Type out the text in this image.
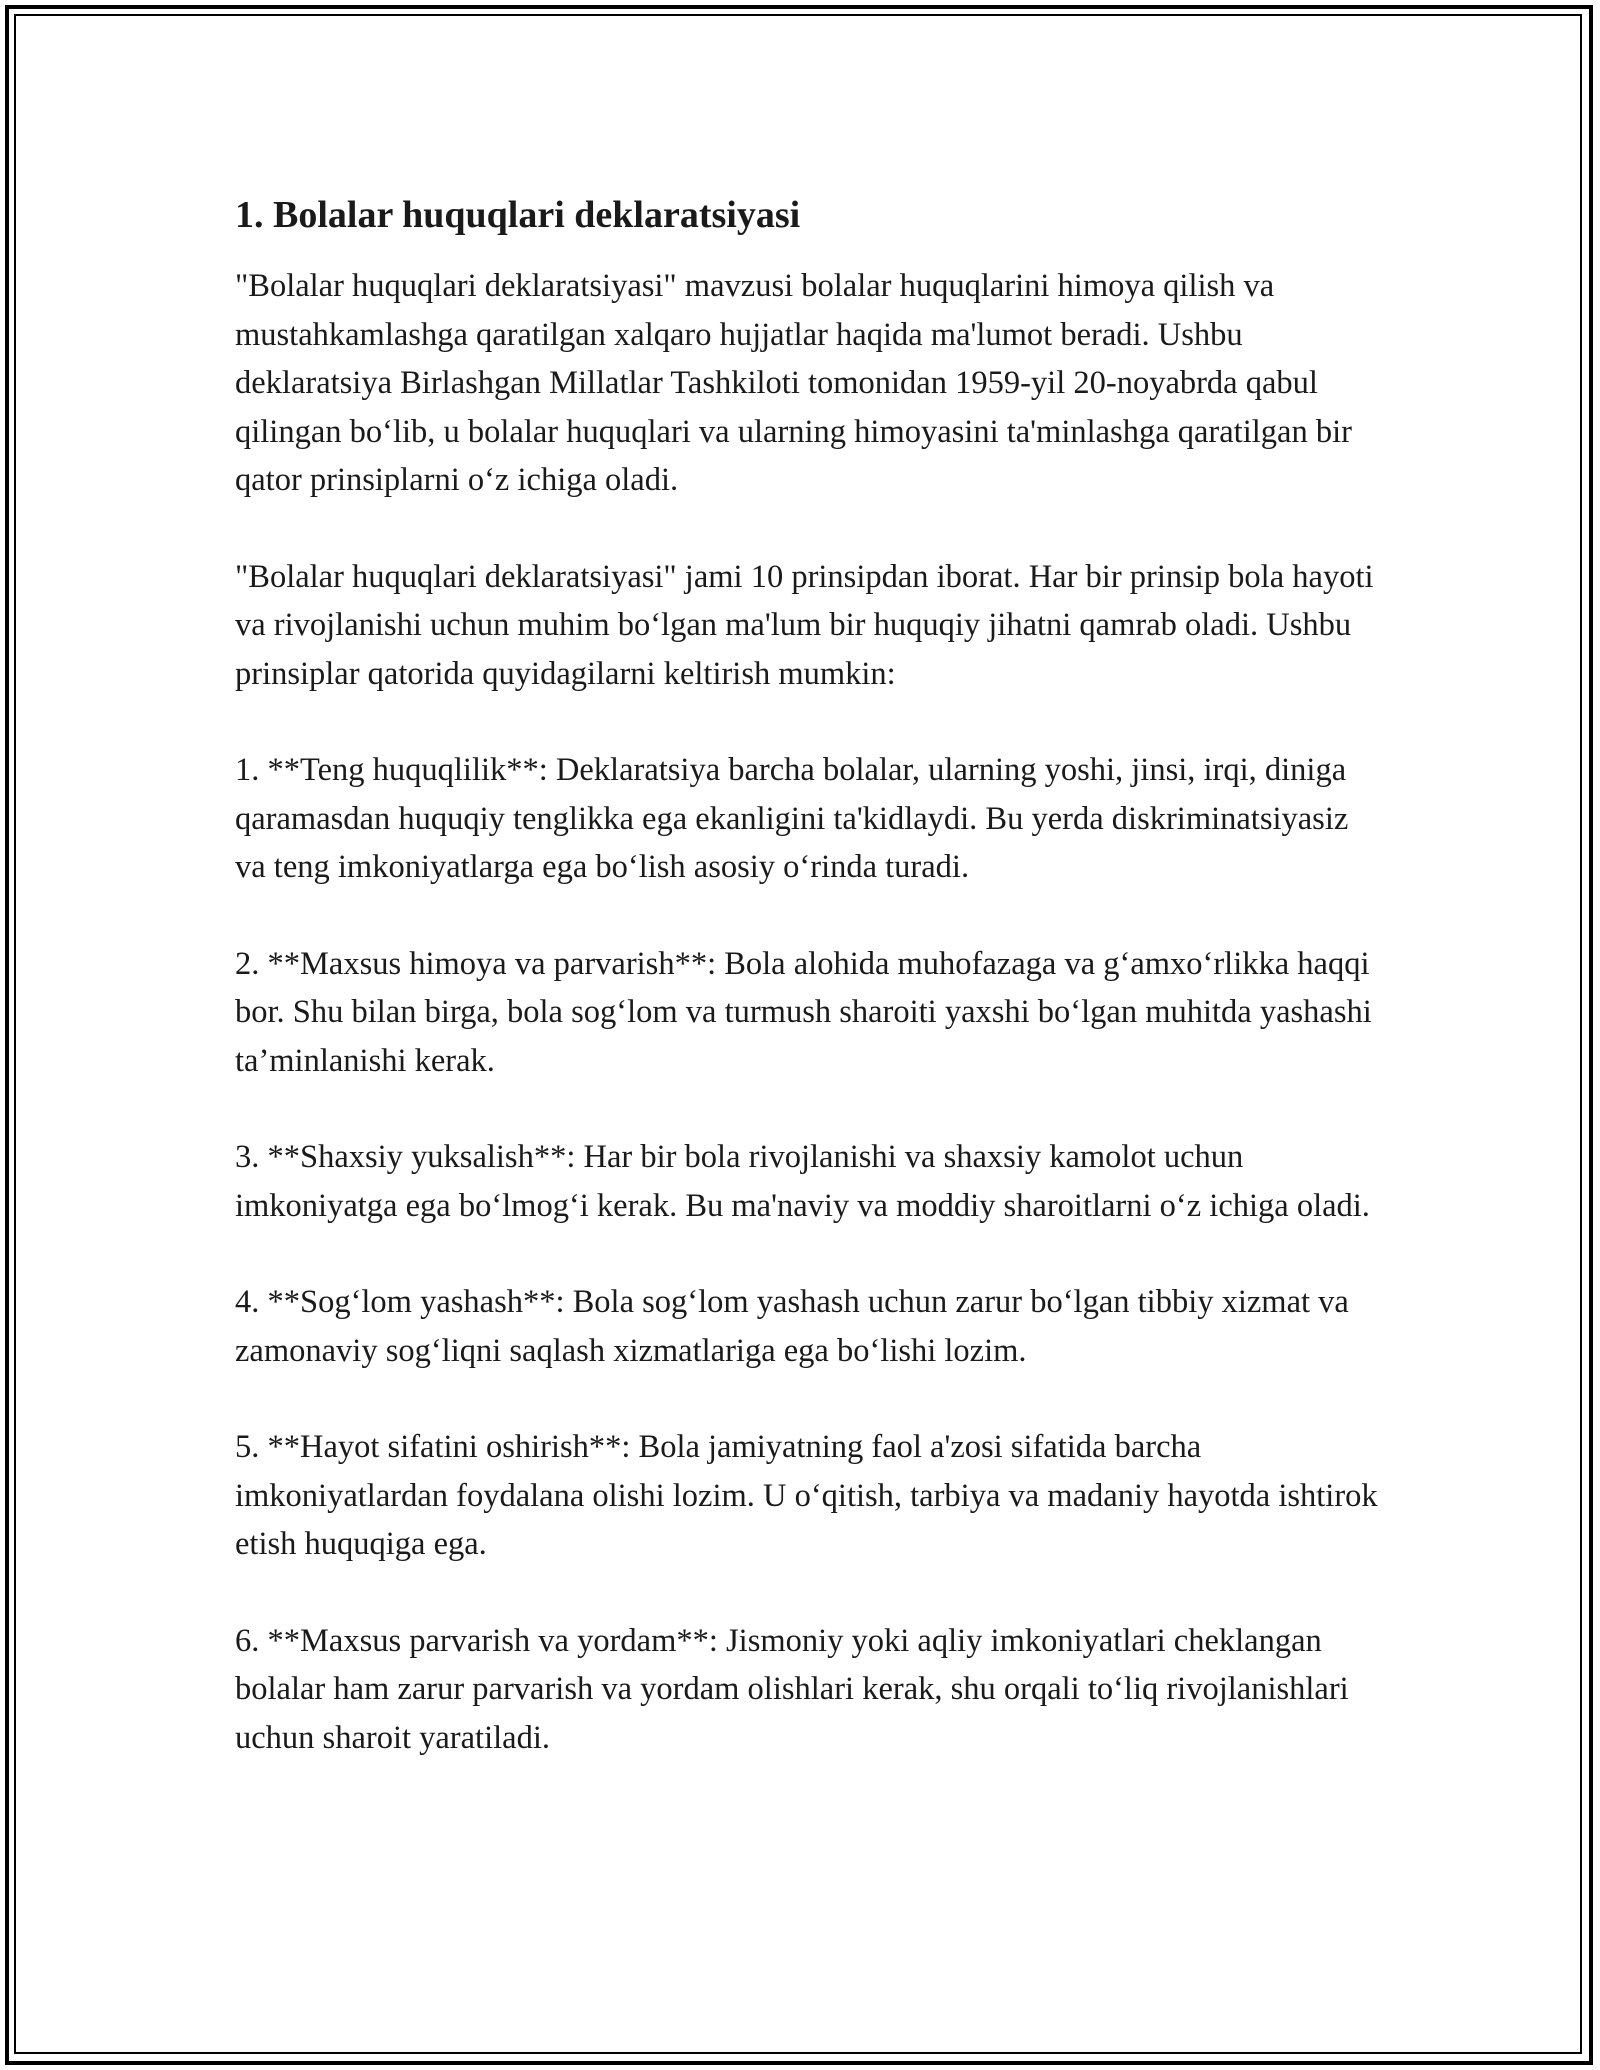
1. Bolalar huquqlari deklaratsiyasi

"Bolalar huquqlari deklaratsiyasi" mavzusi bolalar huquqlarini himoya qilish va mustahkamlashga qaratilgan xalqaro hujjatlar haqida ma'lumot beradi. Ushbu deklaratsiya Birlashgan Millatlar Tashkiloti tomonidan 1959-yil 20-noyabrda qabul qilingan bo‘lib, u bolalar huquqlari va ularning himoyasini ta'minlashga qaratilgan bir qator prinsiplarni o‘z ichiga oladi.

"Bolalar huquqlari deklaratsiyasi" jami 10 prinsipdan iborat. Har bir prinsip bola hayoti va rivojlanishi uchun muhim bo‘lgan ma'lum bir huquqiy jihatni qamrab oladi. Ushbu prinsiplar qatorida quyidagilarni keltirish mumkin:

1. **Teng huquqlilik**: Deklaratsiya barcha bolalar, ularning yoshi, jinsi, irqi, diniga qaramasdan huquqiy tenglikka ega ekanligini ta'kidlaydi. Bu yerda diskriminatsiyasiz va teng imkoniyatlarga ega bo‘lish asosiy o‘rinda turadi.

2. **Maxsus himoya va parvarish**: Bola alohida muhofazaga va g‘amxo‘rlikka haqqi bor. Shu bilan birga, bola sog‘lom va turmush sharoiti yaxshi bo‘lgan muhitda yashashi ta’minlanishi kerak.

3. **Shaxsiy yuksalish**: Har bir bola rivojlanishi va shaxsiy kamolot uchun imkoniyatga ega bo‘lmog‘i kerak. Bu ma'naviy va moddiy sharoitlarni o‘z ichiga oladi.

4. **Sog‘lom yashash**: Bola sog‘lom yashash uchun zarur bo‘lgan tibbiy xizmat va zamonaviy sog‘liqni saqlash xizmatlariga ega bo‘lishi lozim.

5. **Hayot sifatini oshirish**: Bola jamiyatning faol a'zosi sifatida barcha imkoniyatlardan foydalana olishi lozim. U o‘qitish, tarbiya va madaniy hayotda ishtirok etish huquqiga ega.

6. **Maxsus parvarish va yordam**: Jismoniy yoki aqliy imkoniyatlari cheklangan bolalar ham zarur parvarish va yordam olishlari kerak, shu orqali to‘liq rivojlanishlari uchun sharoit yaratiladi.
